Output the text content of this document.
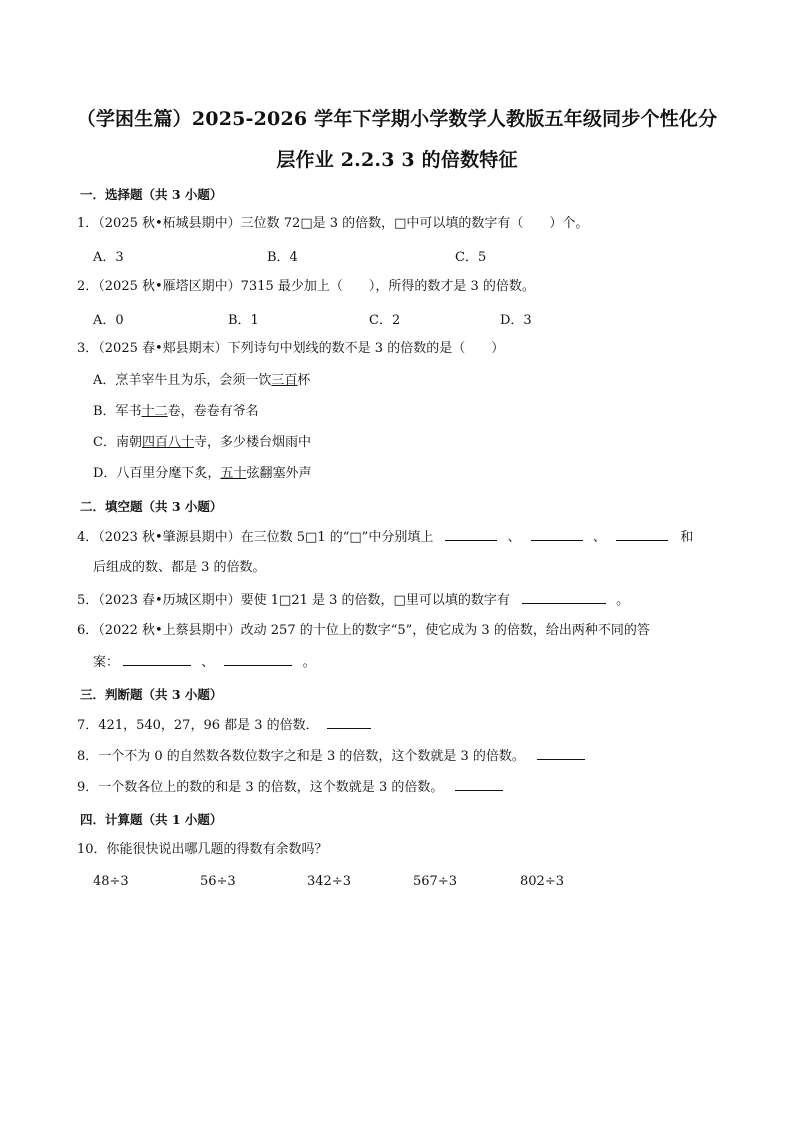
（学困生篇）2025-2026 学年下学期小学数学人教版五年级同步个性化分
层作业 2.2.3 3 的倍数特征
一．选择题（共 3 小题）
1．（2025 秋•柘城县期中）三位数 72□是 3 的倍数，□中可以填的数字有（　　）个。
A．3	B．4	C．5
2．（2025 秋•雁塔区期中）7315 最少加上（　　），所得的数才是 3 的倍数。
A．0	B．1	C．2	D．3
3．（2025 春•郏县期末）下列诗句中划线的数不是 3 的倍数的是（　　）
A．烹羊宰牛且为乐，会须一饮三百杯
B．军书十二卷，卷卷有爷名
C．南朝四百八十寺，多少楼台烟雨中
D．八百里分麾下炙，五十弦翻塞外声
二．填空题（共 3 小题）
4．（2023 秋•肇源县期中）在三位数 5□1 的“□”中分别填上	、	、	和
后组成的数、都是 3 的倍数。
5．（2023 春•历城区期中）要使 1□21 是 3 的倍数，□里可以填的数字有	。
6．（2022 秋•上蔡县期中）改动 257 的十位上的数字“5”，使它成为 3 的倍数，给出两种不同的答
案：	、	。
三．判断题（共 3 小题）
7．421，540，27，96 都是 3 的倍数．
8．一个不为 0 的自然数各数位数字之和是 3 的倍数，这个数就是 3 的倍数。
9．一个数各位上的数的和是 3 的倍数，这个数就是 3 的倍数。
四．计算题（共 1 小题）
10．你能很快说出哪几题的得数有余数吗？
48÷3	56÷3	342÷3	567÷3	802÷3
